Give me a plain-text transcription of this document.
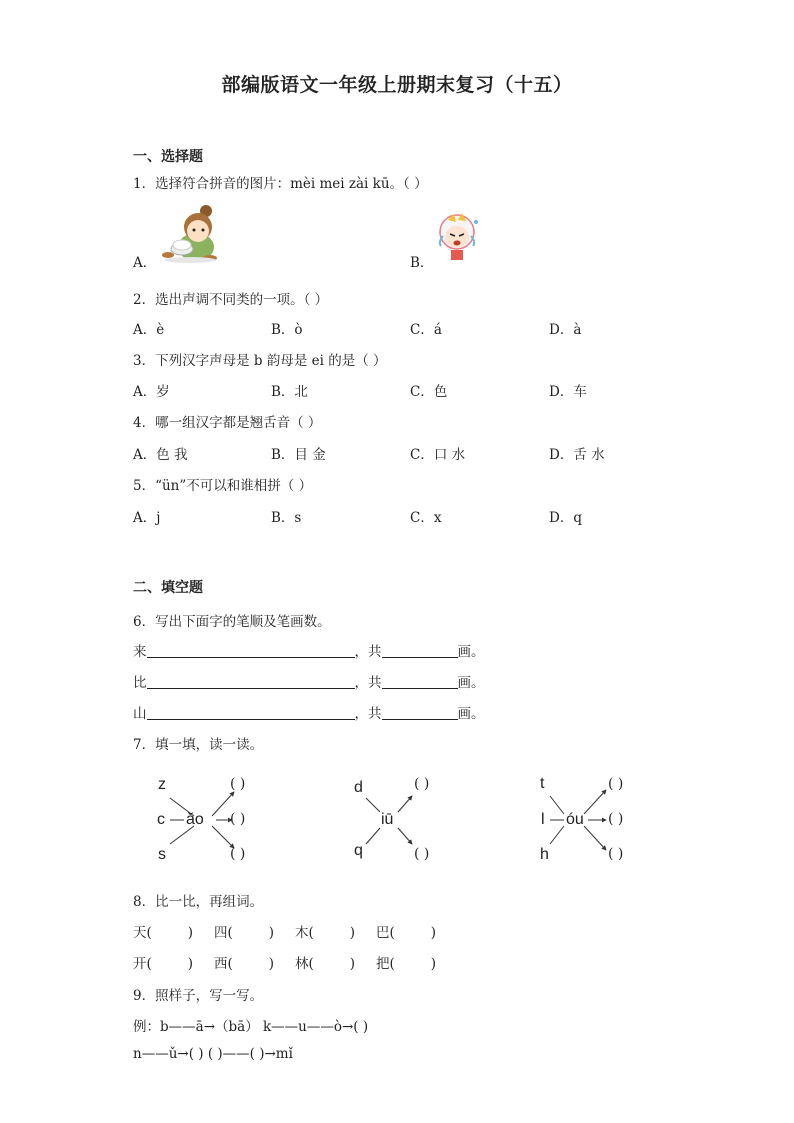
部编版语文一年级上册期末复习（十五）
一、选择题
1．选择符合拼音的图片：mèi mei zài kū。（ ）
A．	B．
2．选出声调不同类的一项。（ ）
A．è	B．ò	C．á	D．à
3．下列汉字声母是 b 韵母是 ei 的是（ ）
A．岁	B．北	C．色	D．车
4．哪一组汉字都是翘舌音（ ）
A．色 我	B．目 金	C．口 水	D．舌 水
5．“ün”不可以和谁相拼（ ）
A．j	B．s	C．x	D．q
二、填空题
6．写出下面字的笔顺及笔画数。
来	，共	画。
比	，共	画。
山	，共	画。
7．填一填，读一读。
z
c
s
ǎo
( )
( )
( )
d
q
iū
( )
( )
t
l
h
óu
( )
( )
( )
8．比一比，再组词。
天(	) 四(	) 木(	) 巴(	)
开(	) 西(	) 林(	) 把(	)
9．照样子，写一写。
例：b——ā→（bā） k——u——ò→( )
n——ǔ→( ) ( )——( )→mǐ
